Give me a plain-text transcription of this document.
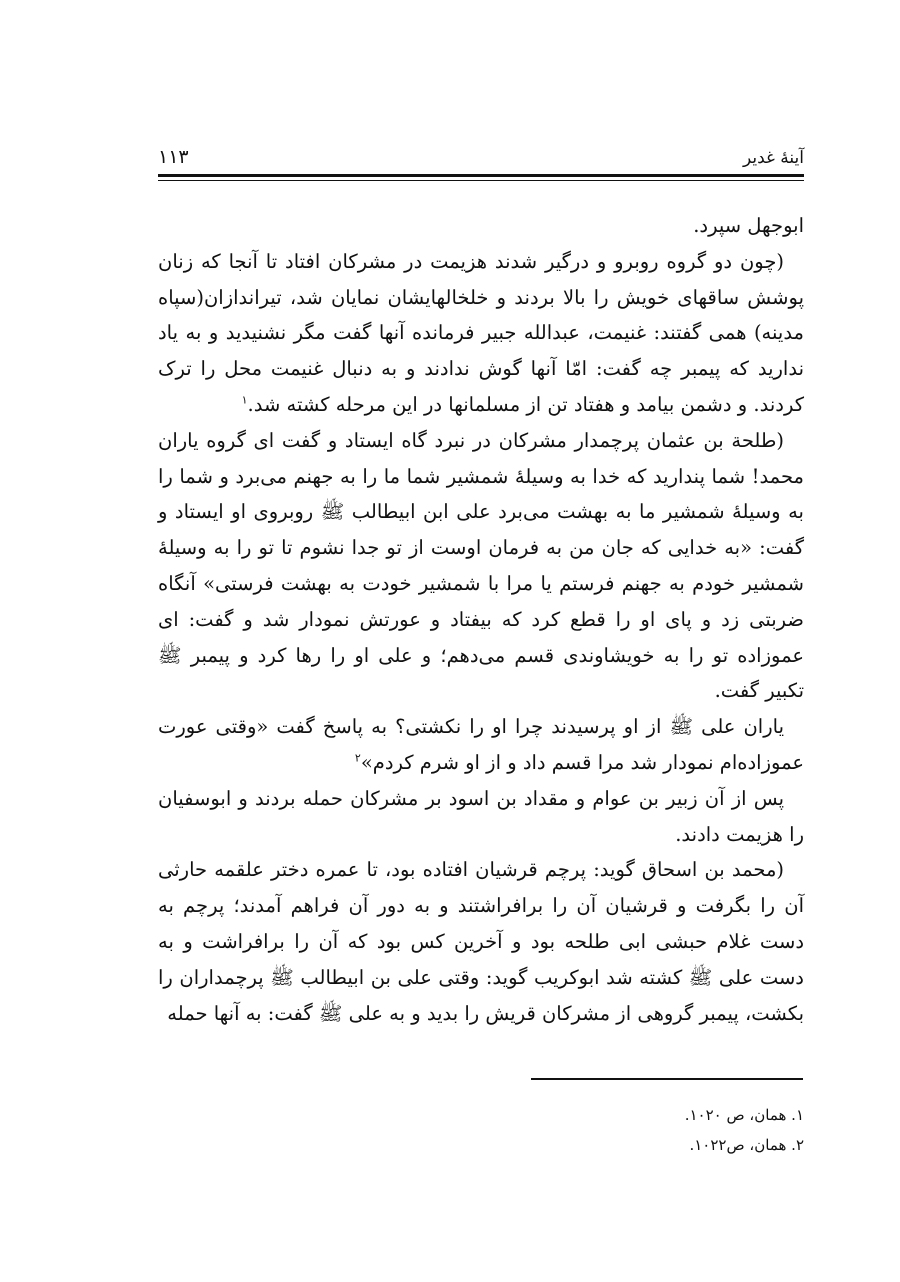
آینهٔ غدیر
۱۱۳

ابوجهل سپرد.

(چون دو گروه روبرو و درگیر شدند هزیمت در مشرکان افتاد تا آنجا که زنان پوشش ساقهای خویش را بالا بردند و خلخالهایشان نمایان شد، تیراندازان(سپاه مدینه) همی گفتند: غنیمت، عبدالله جبیر فرمانده آنها گفت مگر نشنیدید و به یاد ندارید که پیمبر چه گفت: امّا آنها گوش ندادند و به دنبال غنیمت محل را ترک کردند. و دشمن بیامد و هفتاد تن از مسلمانها در این مرحله کشته شد.$^۱$

(طلحة بن عثمان پرچمدار مشرکان در نبرد گاه ایستاد و گفت ای گروه یاران محمد! شما پندارید که خدا به وسیلهٔ شمشیر شما ما را به جهنم می‌برد و شما را به وسیلهٔ شمشیر ما به بهشت می‌برد علی ابن ابیطالب ﷺ روبروی او ایستاد و گفت: «به خدایی که جان من به فرمان اوست از تو جدا نشوم تا تو را به وسیلهٔ شمشیر خودم به جهنم فرستم یا مرا با شمشیر خودت به بهشت فرستی» آنگاه ضربتی زد و پای او را قطع کرد که بیفتاد و عورتش نمودار شد و گفت: ای عموزاده تو را به خویشاوندی قسم می‌دهم؛ و علی او را رها کرد و پیمبر ﷺ تکبیر گفت.

یاران علی ﷺ از او پرسیدند چرا او را نکشتی؟ به پاسخ گفت «وقتی عورت عموزاده‌ام نمودار شد مرا قسم داد و از او شرم کردم»$^۲$

پس از آن زبیر بن عوام و مقداد بن اسود بر مشرکان حمله بردند و ابوسفیان را هزیمت دادند.

(محمد بن اسحاق گوید: پرچم قرشیان افتاده بود، تا عمره دختر علقمه حارثی آن را بگرفت و قرشیان آن را برافراشتند و به دور آن فراهم آمدند؛ پرچم به دست غلام حبشی ابی طلحه بود و آخرین کس بود که آن را برافراشت و به دست علی ﷺ کشته شد ابوکریب گوید: وقتی علی بن ابیطالب ﷺ پرچمداران را بکشت، پیمبر گروهی از مشرکان قریش را بدید و به علی ﷺ گفت: به آنها حمله

۱. همان، ص ۱۰۲۰.
۲. همان، ص۱۰۲۲.
